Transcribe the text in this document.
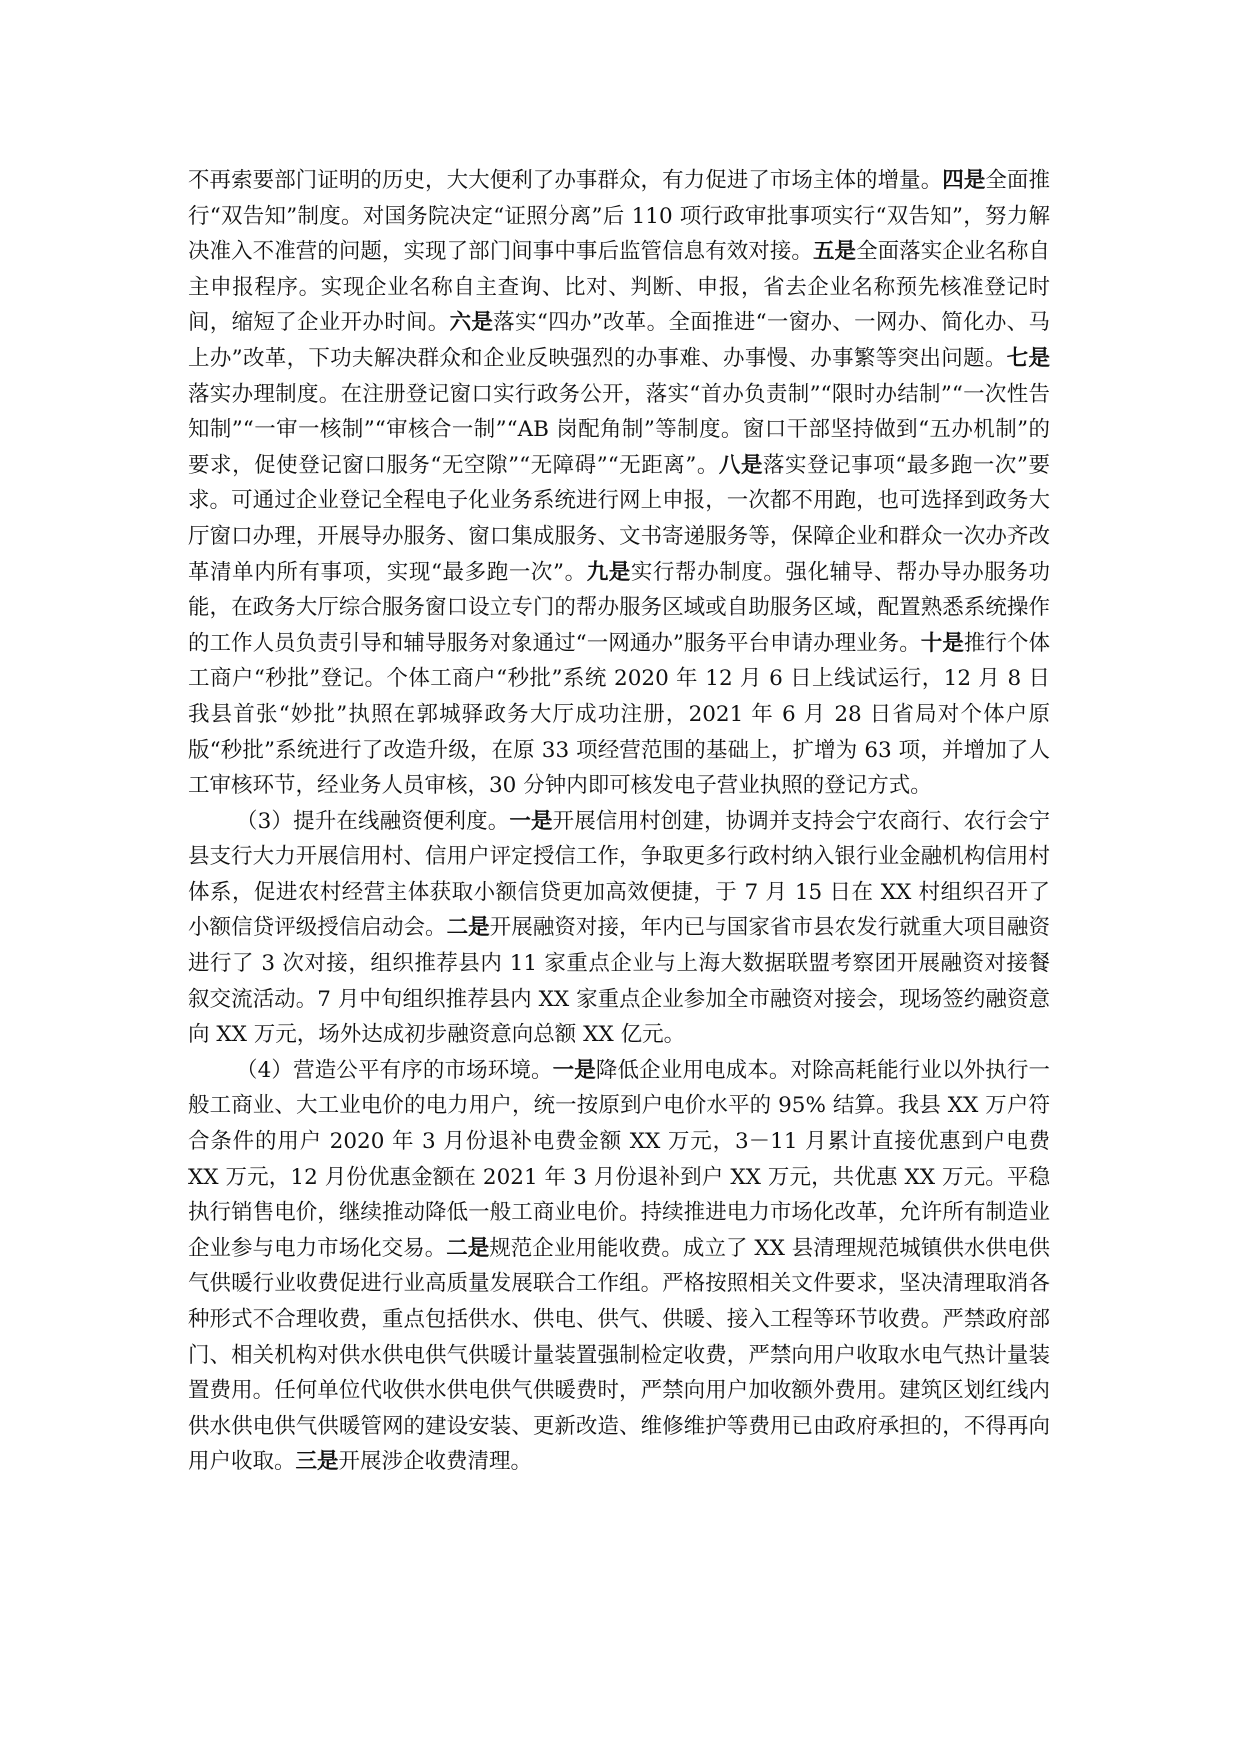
不再索要部门证明的历史，大大便利了办事群众，有力促进了市场主体的增量。四是全面推行“双告知”制度。对国务院决定“证照分离”后 110 项行政审批事项实行“双告知”，努力解决准入不准营的问题，实现了部门间事中事后监管信息有效对接。五是全面落实企业名称自主申报程序。实现企业名称自主查询、比对、判断、申报，省去企业名称预先核准登记时间，缩短了企业开办时间。六是落实“四办”改革。全面推进“一窗办、一网办、简化办、马上办”改革，下功夫解决群众和企业反映强烈的办事难、办事慢、办事繁等突出问题。七是落实办理制度。在注册登记窗口实行政务公开，落实“首办负责制”“限时办结制”“一次性告知制”“一审一核制”“审核合一制”“AB 岗配角制”等制度。窗口干部坚持做到“五办机制”的要求，促使登记窗口服务“无空隙”“无障碍”“无距离”。八是落实登记事项“最多跑一次”要求。可通过企业登记全程电子化业务系统进行网上申报，一次都不用跑，也可选择到政务大厅窗口办理，开展导办服务、窗口集成服务、文书寄递服务等，保障企业和群众一次办齐改革清单内所有事项，实现“最多跑一次”。九是实行帮办制度。强化辅导、帮办导办服务功能，在政务大厅综合服务窗口设立专门的帮办服务区域或自助服务区域，配置熟悉系统操作的工作人员负责引导和辅导服务对象通过“一网通办”服务平台申请办理业务。十是推行个体工商户“秒批”登记。个体工商户“秒批”系统 2020 年 12 月 6 日上线试运行，12 月 8 日我县首张“妙批”执照在郭城驿政务大厅成功注册，2021 年 6 月 28 日省局对个体户原版“秒批”系统进行了改造升级，在原 33 项经营范围的基础上，扩增为 63 项，并增加了人工审核环节，经业务人员审核，30 分钟内即可核发电子营业执照的登记方式。

（3）提升在线融资便利度。一是开展信用村创建，协调并支持会宁农商行、农行会宁县支行大力开展信用村、信用户评定授信工作，争取更多行政村纳入银行业金融机构信用村体系，促进农村经营主体获取小额信贷更加高效便捷，于 7 月 15 日在 XX 村组织召开了小额信贷评级授信启动会。二是开展融资对接，年内已与国家省市县农发行就重大项目融资进行了 3 次对接，组织推荐县内 11 家重点企业与上海大数据联盟考察团开展融资对接餐叙交流活动。7 月中旬组织推荐县内 XX 家重点企业参加全市融资对接会，现场签约融资意向 XX 万元，场外达成初步融资意向总额 XX 亿元。

（4）营造公平有序的市场环境。一是降低企业用电成本。对除高耗能行业以外执行一般工商业、大工业电价的电力用户，统一按原到户电价水平的 95% 结算。我县 XX 万户符合条件的用户 2020 年 3 月份退补电费金额 XX 万元，3－11 月累计直接优惠到户电费 XX 万元，12 月份优惠金额在 2021 年 3 月份退补到户 XX 万元，共优惠 XX 万元。平稳执行销售电价，继续推动降低一般工商业电价。持续推进电力市场化改革，允许所有制造业企业参与电力市场化交易。二是规范企业用能收费。成立了 XX 县清理规范城镇供水供电供气供暖行业收费促进行业高质量发展联合工作组。严格按照相关文件要求，坚决清理取消各种形式不合理收费，重点包括供水、供电、供气、供暖、接入工程等环节收费。严禁政府部门、相关机构对供水供电供气供暖计量装置强制检定收费，严禁向用户收取水电气热计量装置费用。任何单位代收供水供电供气供暖费时，严禁向用户加收额外费用。建筑区划红线内供水供电供气供暖管网的建设安装、更新改造、维修维护等费用已由政府承担的，不得再向用户收取。三是开展涉企收费清理。
